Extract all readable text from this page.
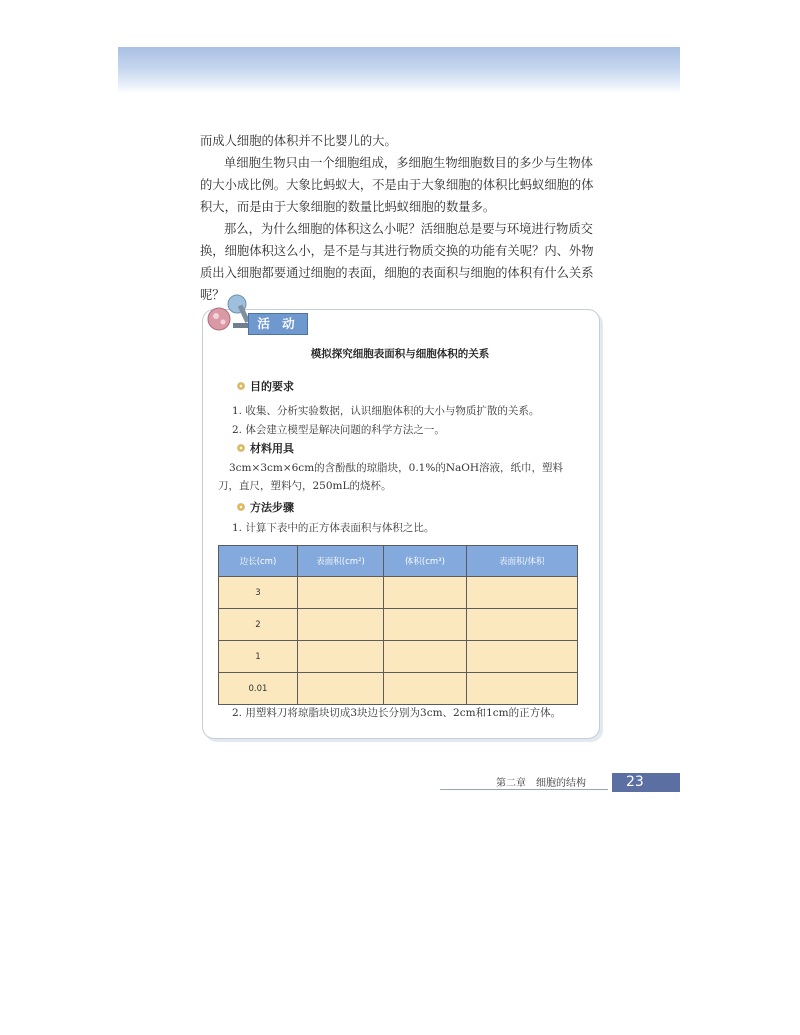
而成人细胞的体积并不比婴儿的大。

单细胞生物只由一个细胞组成，多细胞生物细胞数目的多少与生物体的大小成比例。大象比蚂蚁大，不是由于大象细胞的体积比蚂蚁细胞的体积大，而是由于大象细胞的数量比蚂蚁细胞的数量多。

那么，为什么细胞的体积这么小呢？活细胞总是要与环境进行物质交换，细胞体积这么小，是不是与其进行物质交换的功能有关呢？内、外物质出入细胞都要通过细胞的表面，细胞的表面积与细胞的体积有什么关系呢？

活 动
模拟探究细胞表面积与细胞体积的关系
目的要求

1. 收集、分析实验数据，认识细胞体积的大小与物质扩散的关系。

2. 体会建立模型是解决问题的科学方法之一。

材料用具

3cm×3cm×6cm的含酚酞的琼脂块，0.1%的NaOH溶液，纸巾，塑料

刀，直尺，塑料勺，250mL的烧杯。

方法步骤

1. 计算下表中的正方体表面积与体积之比。

边长(cm)	表面积(cm²)	体积(cm³)	表面积/体积
3			
2			
1			
0.01			

2. 用塑料刀将琼脂块切成3块边长分别为3cm、2cm和1cm的正方体。

第二章　细胞的结构	23
